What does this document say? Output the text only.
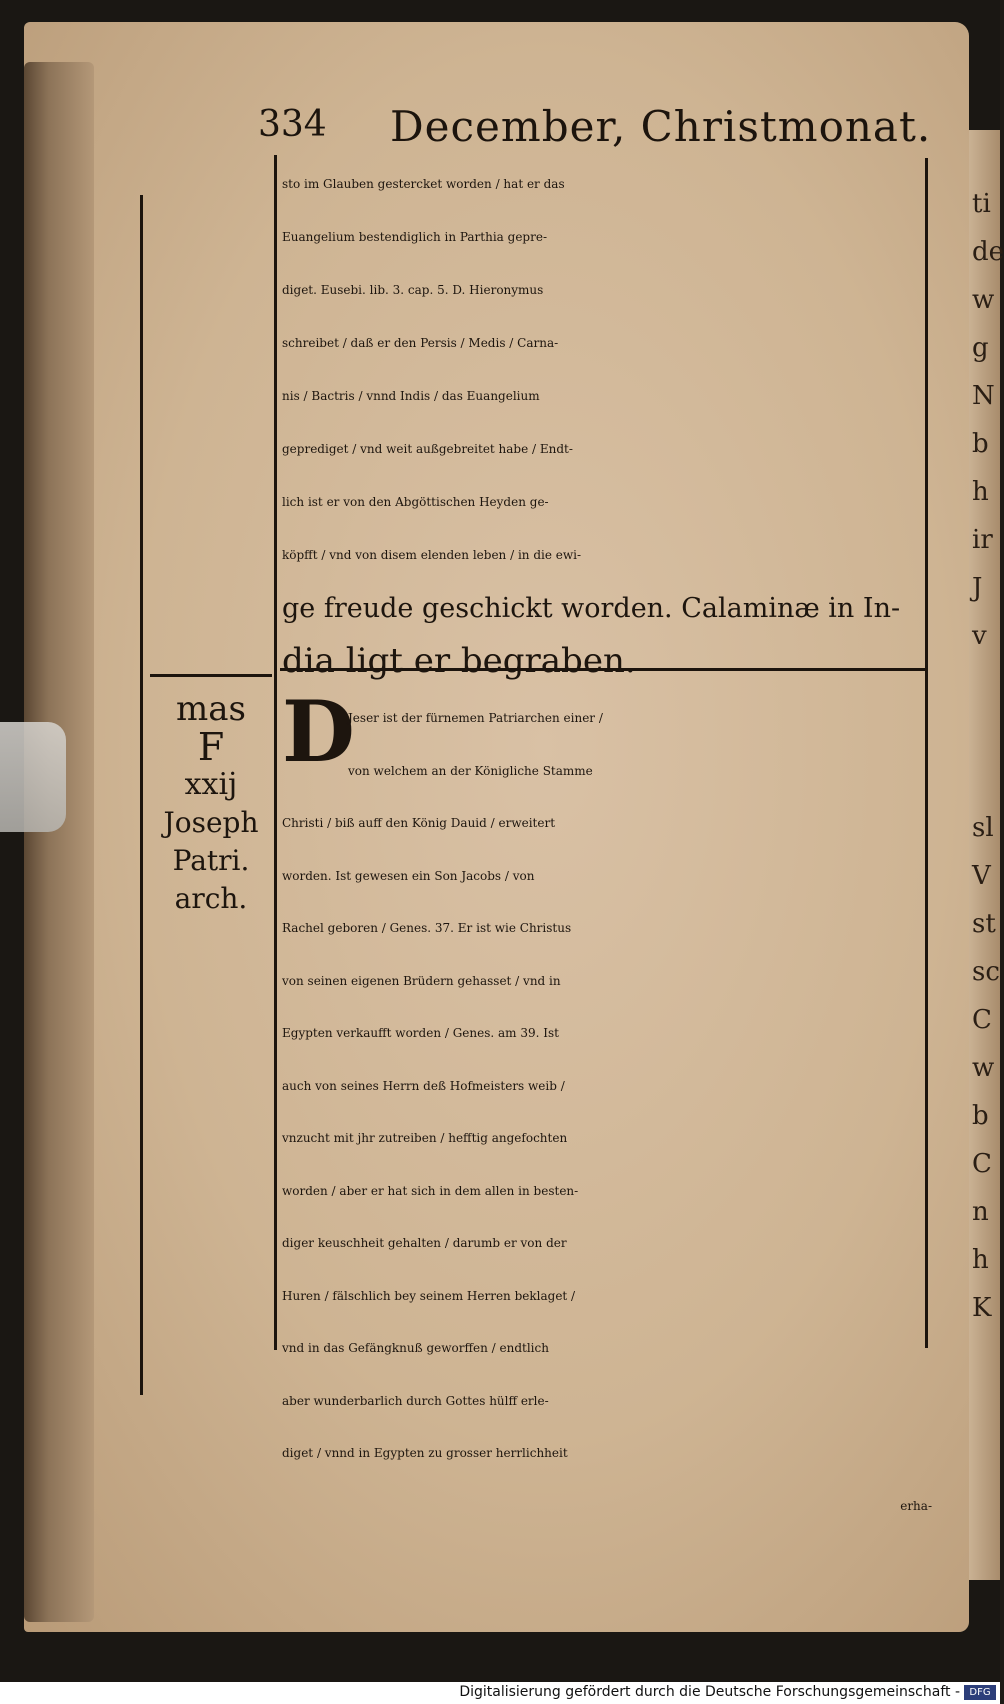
ti
de
w
g
N
b
h
ir
J
v
sl
V
st
sc
C
w
b
C
n
h
K
334 December, Christmonat.
sto im Glauben gestercket worden / hat er das
Euangelium bestendiglich in Parthia gepre-
diget. Eusebi. lib. 3. cap. 5. D. Hieronymus
schreibet / daß er den Persis / Medis / Carna-
nis / Bactris / vnnd Indis / das Euangelium
geprediget / vnd weit außgebreitet habe / Endt-
lich ist er von den Abgöttischen Heyden ge-
köpfft / vnd von disem elenden leben / in die ewi-
ge freude geschickt worden. Calaminæ in In-
dia ligt er begraben.
mas
F
xxij
Joseph
Patri.
arch.
D
Jeser ist der fürnemen Patriarchen einer /
von welchem an der Königliche Stamme
Christi / biß auff den König Dauid / erweitert
worden. Ist gewesen ein Son Jacobs / von
Rachel geboren / Genes. 37. Er ist wie Christus
von seinen eigenen Brüdern gehasset / vnd in
Egypten verkaufft worden / Genes. am 39. Ist
auch von seines Herrn deß Hofmeisters weib /
vnzucht mit jhr zutreiben / hefftig angefochten
worden / aber er hat sich in dem allen in besten-
diger keuschheit gehalten / darumb er von der
Huren / fälschlich bey seinem Herren beklaget /
vnd in das Gefängknuß geworffen / endtlich
aber wunderbarlich durch Gottes hülff erle-
diget / vnnd in Egypten zu grosser herrlichheit
erha-
Digitalisierung gefördert durch die Deutsche Forschungsgemeinschaft - DFG
